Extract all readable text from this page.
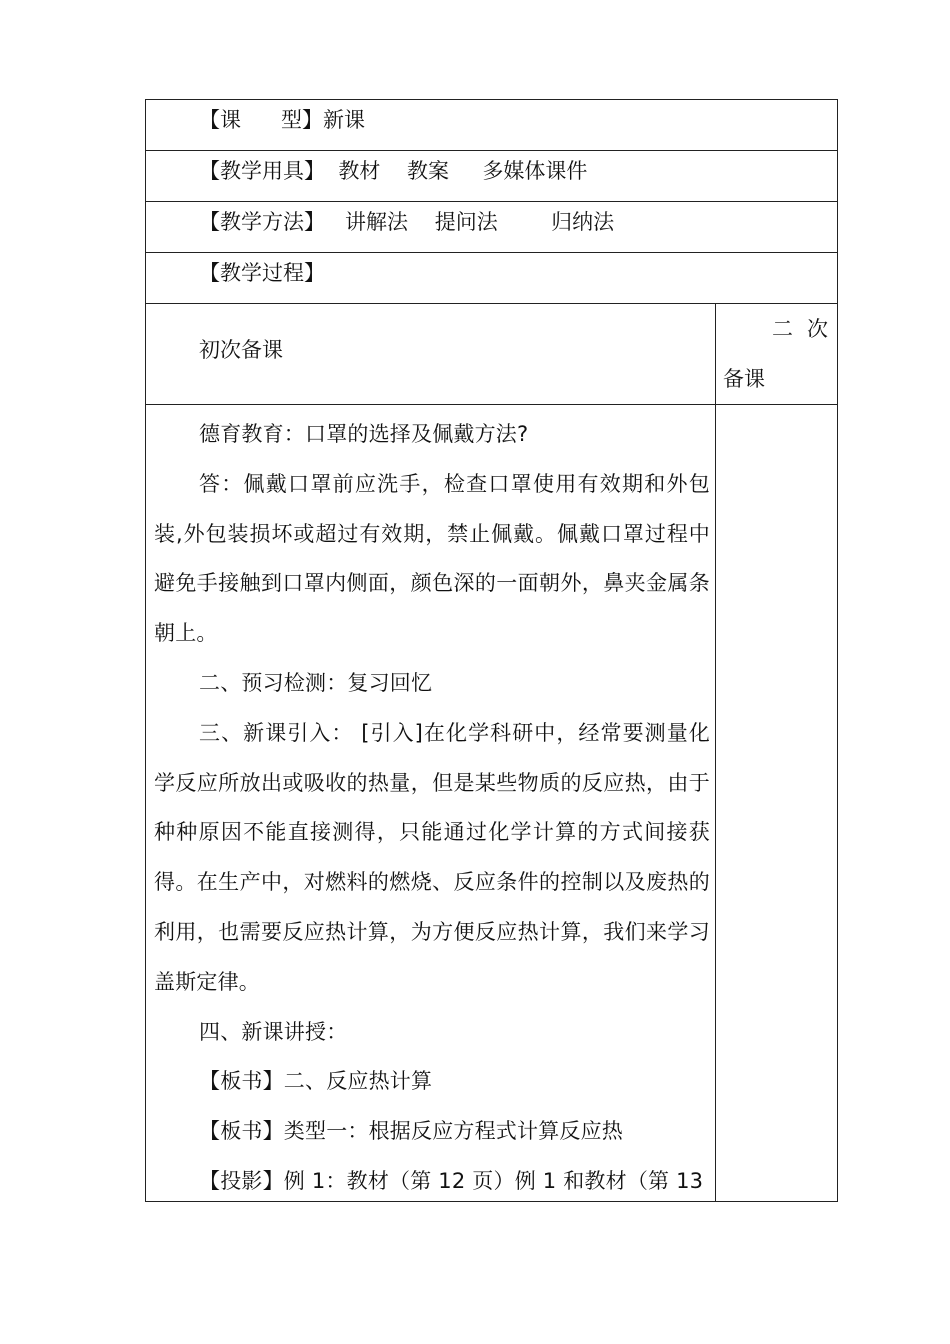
【课      型】新课
【教学用具】  教材    教案     多媒体课件
【教学方法】   讲解法    提问法        归纳法
【教学过程】
初次备课
二次
备课

德育教育：口罩的选择及佩戴方法?

答：佩戴口罩前应洗手，检查口罩使用有效期和外包装,外包装损坏或超过有效期，禁止佩戴。佩戴口罩过程中避免手接触到口罩内侧面，颜色深的一面朝外，鼻夹金属条朝上。

二、预习检测：复习回忆

三、新课引入： [引入]在化学科研中，经常要测量化学反应所放出或吸收的热量，但是某些物质的反应热，由于种种原因不能直接测得，只能通过化学计算的方式间接获得。在生产中，对燃料的燃烧、反应条件的控制以及废热的利用，也需要反应热计算，为方便反应热计算，我们来学习盖斯定律。

四、新课讲授：

【板书】二、反应热计算

【板书】类型一：根据反应方程式计算反应热

【投影】例 1：教材（第 12 页）例 1 和教材（第 13
